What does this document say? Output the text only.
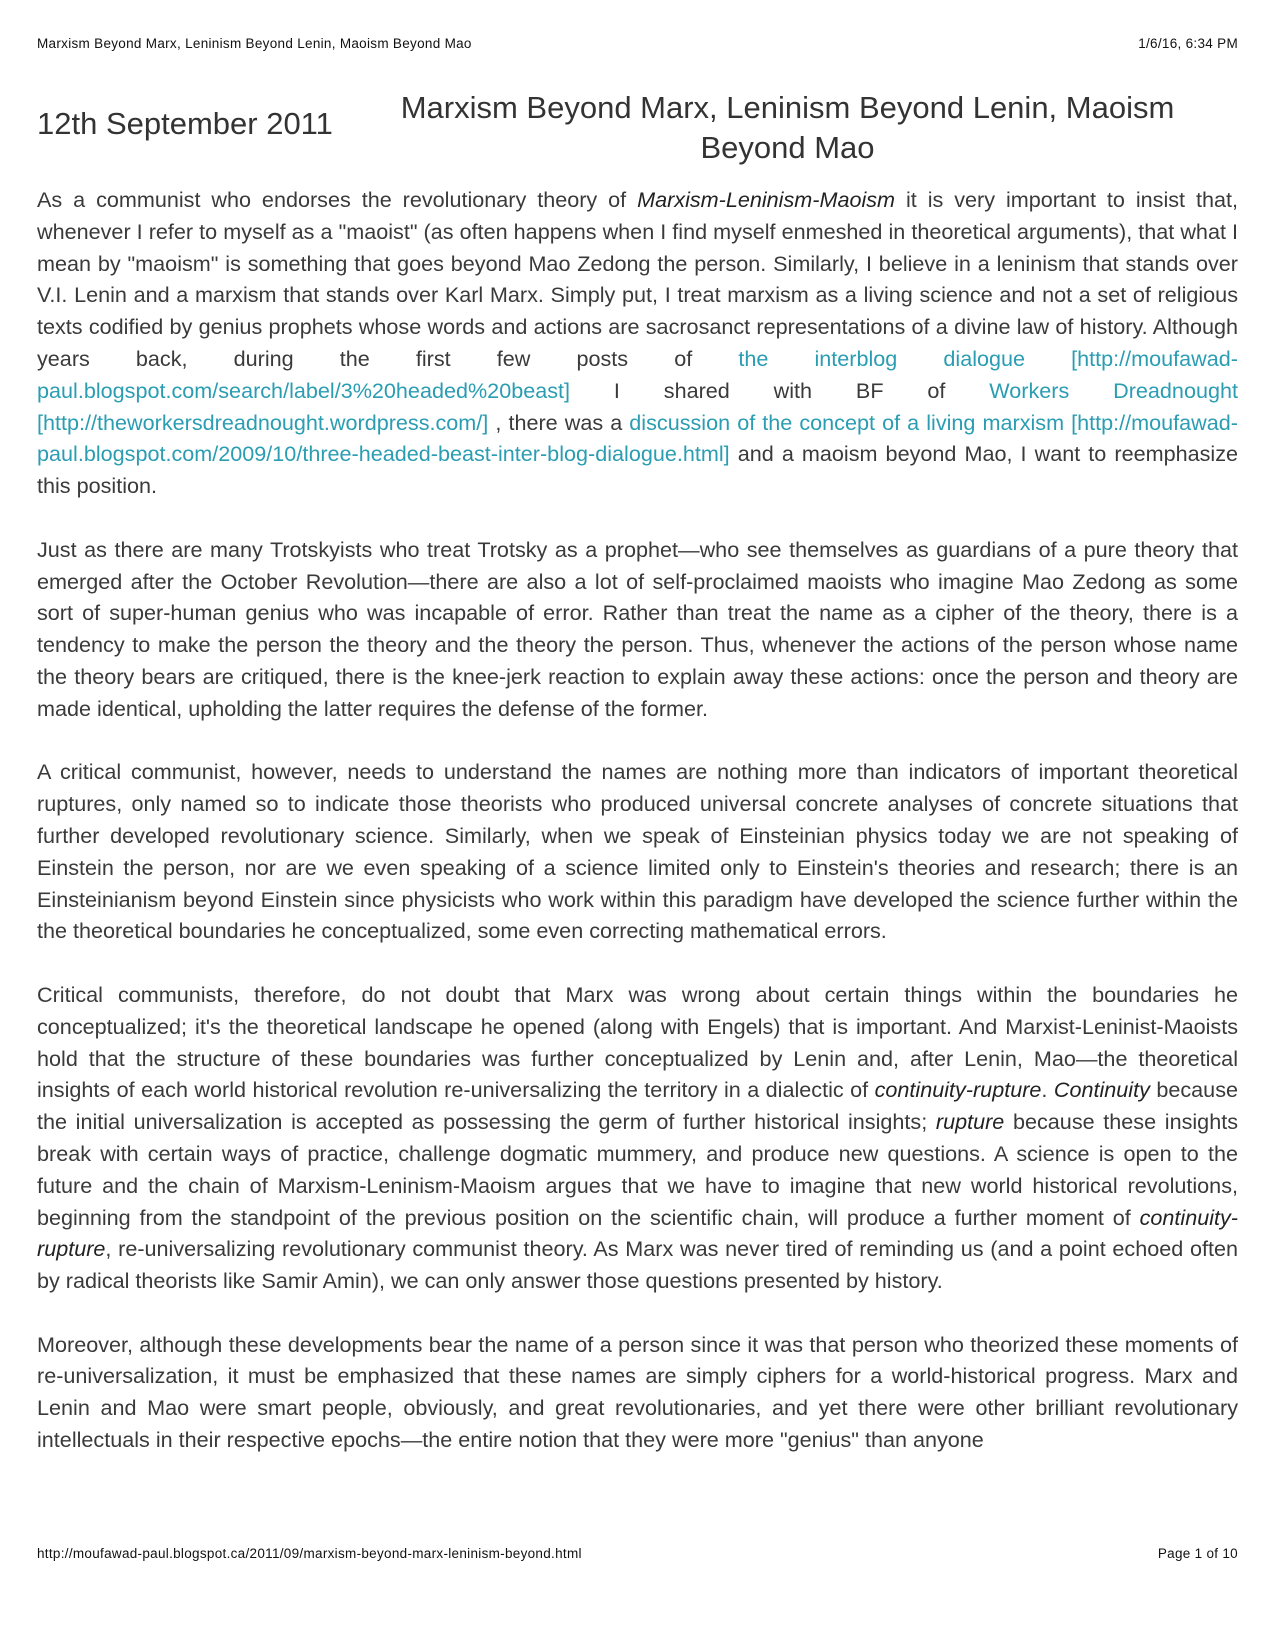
Marxism Beyond Marx, Leninism Beyond Lenin, Maoism Beyond Mao	1/6/16, 6:34 PM
12th September 2011	Marxism Beyond Marx, Leninism Beyond Lenin, Maoism Beyond Mao

As a communist who endorses the revolutionary theory of Marxism-Leninism-Maoism it is very important to insist that, whenever I refer to myself as a "maoist" (as often happens when I find myself enmeshed in theoretical arguments), that what I mean by "maoism" is something that goes beyond Mao Zedong the person. Similarly, I believe in a leninism that stands over V.I. Lenin and a marxism that stands over Karl Marx. Simply put, I treat marxism as a living science and not a set of religious texts codified by genius prophets whose words and actions are sacrosanct representations of a divine law of history. Although years back, during the first few posts of the interblog dialogue [http://moufawad-paul.blogspot.com/search/label/3%20headed%20beast] I shared with BF of Workers Dreadnought [http://theworkersdreadnought.wordpress.com/] , there was a discussion of the concept of a living marxism [http://moufawad-paul.blogspot.com/2009/10/three-headed-beast-inter-blog-dialogue.html] and a maoism beyond Mao, I want to reemphasize this position.

Just as there are many Trotskyists who treat Trotsky as a prophet—who see themselves as guardians of a pure theory that emerged after the October Revolution—there are also a lot of self-proclaimed maoists who imagine Mao Zedong as some sort of super-human genius who was incapable of error. Rather than treat the name as a cipher of the theory, there is a tendency to make the person the theory and the theory the person. Thus, whenever the actions of the person whose name the theory bears are critiqued, there is the knee-jerk reaction to explain away these actions: once the person and theory are made identical, upholding the latter requires the defense of the former.

A critical communist, however, needs to understand the names are nothing more than indicators of important theoretical ruptures, only named so to indicate those theorists who produced universal concrete analyses of concrete situations that further developed revolutionary science. Similarly, when we speak of Einsteinian physics today we are not speaking of Einstein the person, nor are we even speaking of a science limited only to Einstein's theories and research; there is an Einsteinianism beyond Einstein since physicists who work within this paradigm have developed the science further within the the theoretical boundaries he conceptualized, some even correcting mathematical errors.

Critical communists, therefore, do not doubt that Marx was wrong about certain things within the boundaries he conceptualized; it's the theoretical landscape he opened (along with Engels) that is important. And Marxist-Leninist-Maoists hold that the structure of these boundaries was further conceptualized by Lenin and, after Lenin, Mao—the theoretical insights of each world historical revolution re-universalizing the territory in a dialectic of continuity-rupture. Continuity because the initial universalization is accepted as possessing the germ of further historical insights; rupture because these insights break with certain ways of practice, challenge dogmatic mummery, and produce new questions. A science is open to the future and the chain of Marxism-Leninism-Maoism argues that we have to imagine that new world historical revolutions, beginning from the standpoint of the previous position on the scientific chain, will produce a further moment of continuity-rupture, re-universalizing revolutionary communist theory. As Marx was never tired of reminding us (and a point echoed often by radical theorists like Samir Amin), we can only answer those questions presented by history.

Moreover, although these developments bear the name of a person since it was that person who theorized these moments of re-universalization, it must be emphasized that these names are simply ciphers for a world-historical progress. Marx and Lenin and Mao were smart people, obviously, and great revolutionaries, and yet there were other brilliant revolutionary intellectuals in their respective epochs—the entire notion that they were more "genius" than anyone

http://moufawad-paul.blogspot.ca/2011/09/marxism-beyond-marx-leninism-beyond.html	Page 1 of 10
